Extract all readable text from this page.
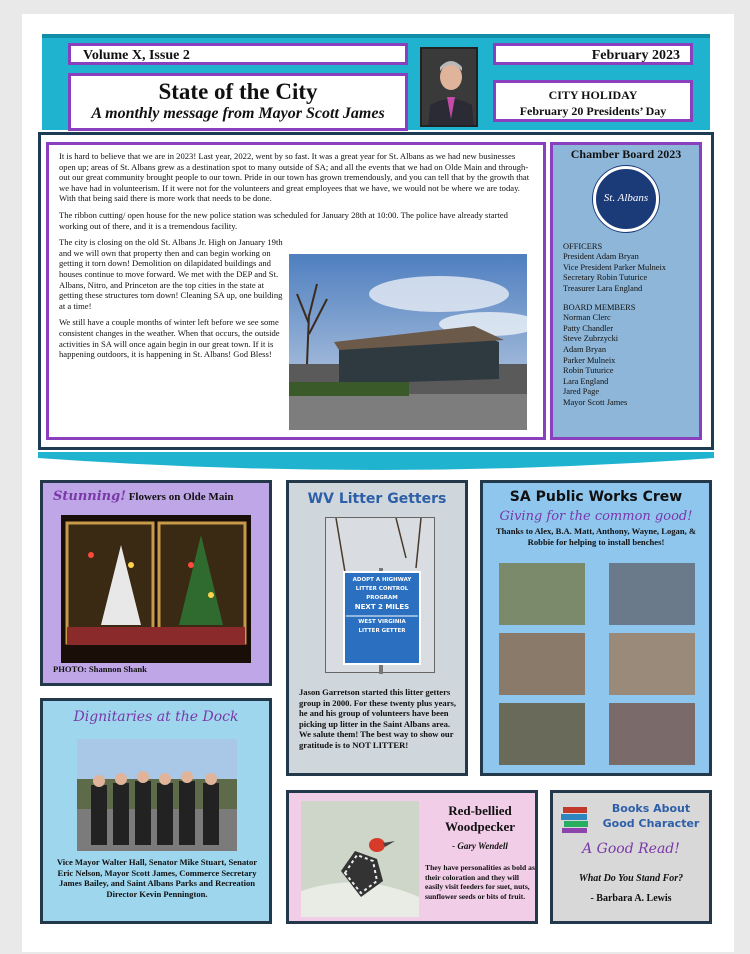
Volume X, Issue 2	February 2023
State of the City
A monthly message from Mayor Scott James
CITY HOLIDAY
February 20 Presidents’ Day

It is hard to believe that we are in 2023! Last year, 2022, went by so fast. It was a great year for St. Albans as we had new businesses open up; areas of St. Albans grew as a destination spot to many outside of SA; and all the events that we had on Olde Main and through-out our great community brought people to our town. Pride in our town has grown tremendously, and you can tell that by the growth that we have had in volunteerism. If it were not for the volunteers and great employees that we have, we would not be where we are today. With that being said there is more work that needs to be done.

The ribbon cutting/ open house for the new police station was scheduled for January 28th at 10:00. The police have already started working out of there, and it is a tremendous facility.

The city is closing on the old St. Albans Jr. High on January 19th and we will own that property then and can begin working on getting it torn down! Demolition on dilapidated buildings and houses continue to move forward. We met with the DEP and St. Albans, Nitro, and Princeton are the top cities in the state at getting these structures torn down! Cleaning SA up, one building at a time!

We still have a couple months of winter left before we see some consistent changes in the weather. When that occurs, the outside activities in SA will once again begin in our great town. If it is happening outdoors, it is happening in St. Albans! God Bless!

Chamber Board 2023
St. Albans
OFFICERS
President Adam Bryan
Vice President Parker Mulneix
Secretary Robin Tuturice
Treasurer Lara England
BOARD MEMBERS
Norman Clerc
Patty Chandler
Steve Zubrzycki
Adam Bryan
Parker Mulneix
Robin Tuturice
Lara England
Jared Page
Mayor Scott James
Stunning! Flowers on Olde Main
PHOTO: Shannon Shank
WV Litter Getters
ADOPT A HIGHWAY
LITTER CONTROL
PROGRAM
NEXT 2 MILES
WEST VIRGINIA
LITTER GETTER
Jason Garretson started this litter getters group in 2000. For these twenty plus years, he and his group of volunteers have been picking up litter in the Saint Albans area. We salute them! The best way to show our gratitude is to NOT LITTER!
SA Public Works Crew
Giving for the common good!
Thanks to Alex, B.A. Matt, Anthony, Wayne, Logan, & Robbie for helping to install benches!
Dignitaries at the Dock
Vice Mayor Walter Hall, Senator Mike Stuart, Senator Eric Nelson, Mayor Scott James, Commerce Secretary James Bailey, and Saint Albans Parks and Recreation Director Kevin Pennington.
Red-bellied
Woodpecker
- Gary Wendell
They have personalities as bold as their coloration and they will easily visit feeders for suet, nuts, sunflower seeds or bits of fruit.
Books About
Good Character
A Good Read!
What Do You Stand For?
- Barbara A. Lewis
